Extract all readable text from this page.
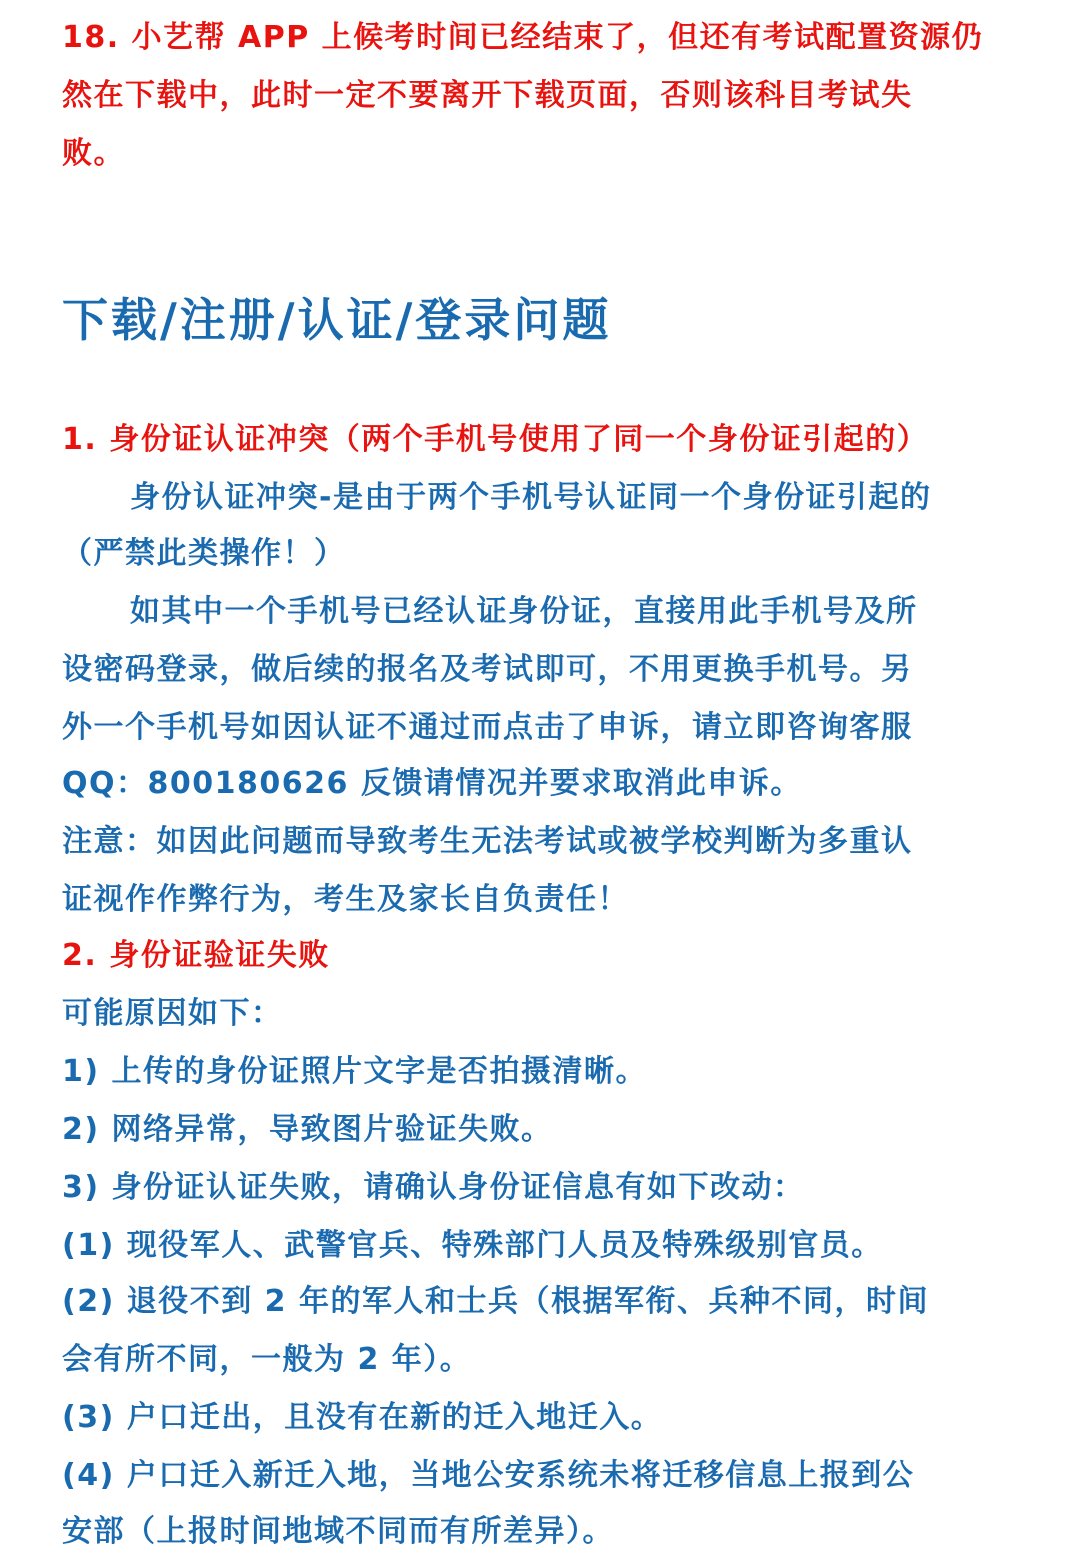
18. 小艺帮 APP 上候考时间已经结束了，但还有考试配置资源仍
然在下载中，此时一定不要离开下载页面，否则该科目考试失
败。
下载/注册/认证/登录问题
1. 身份证认证冲突（两个手机号使用了同一个身份证引起的）
身份认证冲突-是由于两个手机号认证同一个身份证引起的
（严禁此类操作！）
如其中一个手机号已经认证身份证，直接用此手机号及所
设密码登录，做后续的报名及考试即可，不用更换手机号。另
外一个手机号如因认证不通过而点击了申诉，请立即咨询客服
QQ：800180626 反馈请情况并要求取消此申诉。
注意：如因此问题而导致考生无法考试或被学校判断为多重认
证视作作弊行为，考生及家长自负责任！
2. 身份证验证失败
可能原因如下：
1) 上传的身份证照片文字是否拍摄清晰。
2) 网络异常，导致图片验证失败。
3) 身份证认证失败，请确认身份证信息有如下改动：
(1) 现役军人、武警官兵、特殊部门人员及特殊级别官员。
(2) 退役不到 2 年的军人和士兵（根据军衔、兵种不同，时间
会有所不同，一般为 2 年）。
(3) 户口迁出，且没有在新的迁入地迁入。
(4) 户口迁入新迁入地，当地公安系统未将迁移信息上报到公
安部（上报时间地域不同而有所差异）。
